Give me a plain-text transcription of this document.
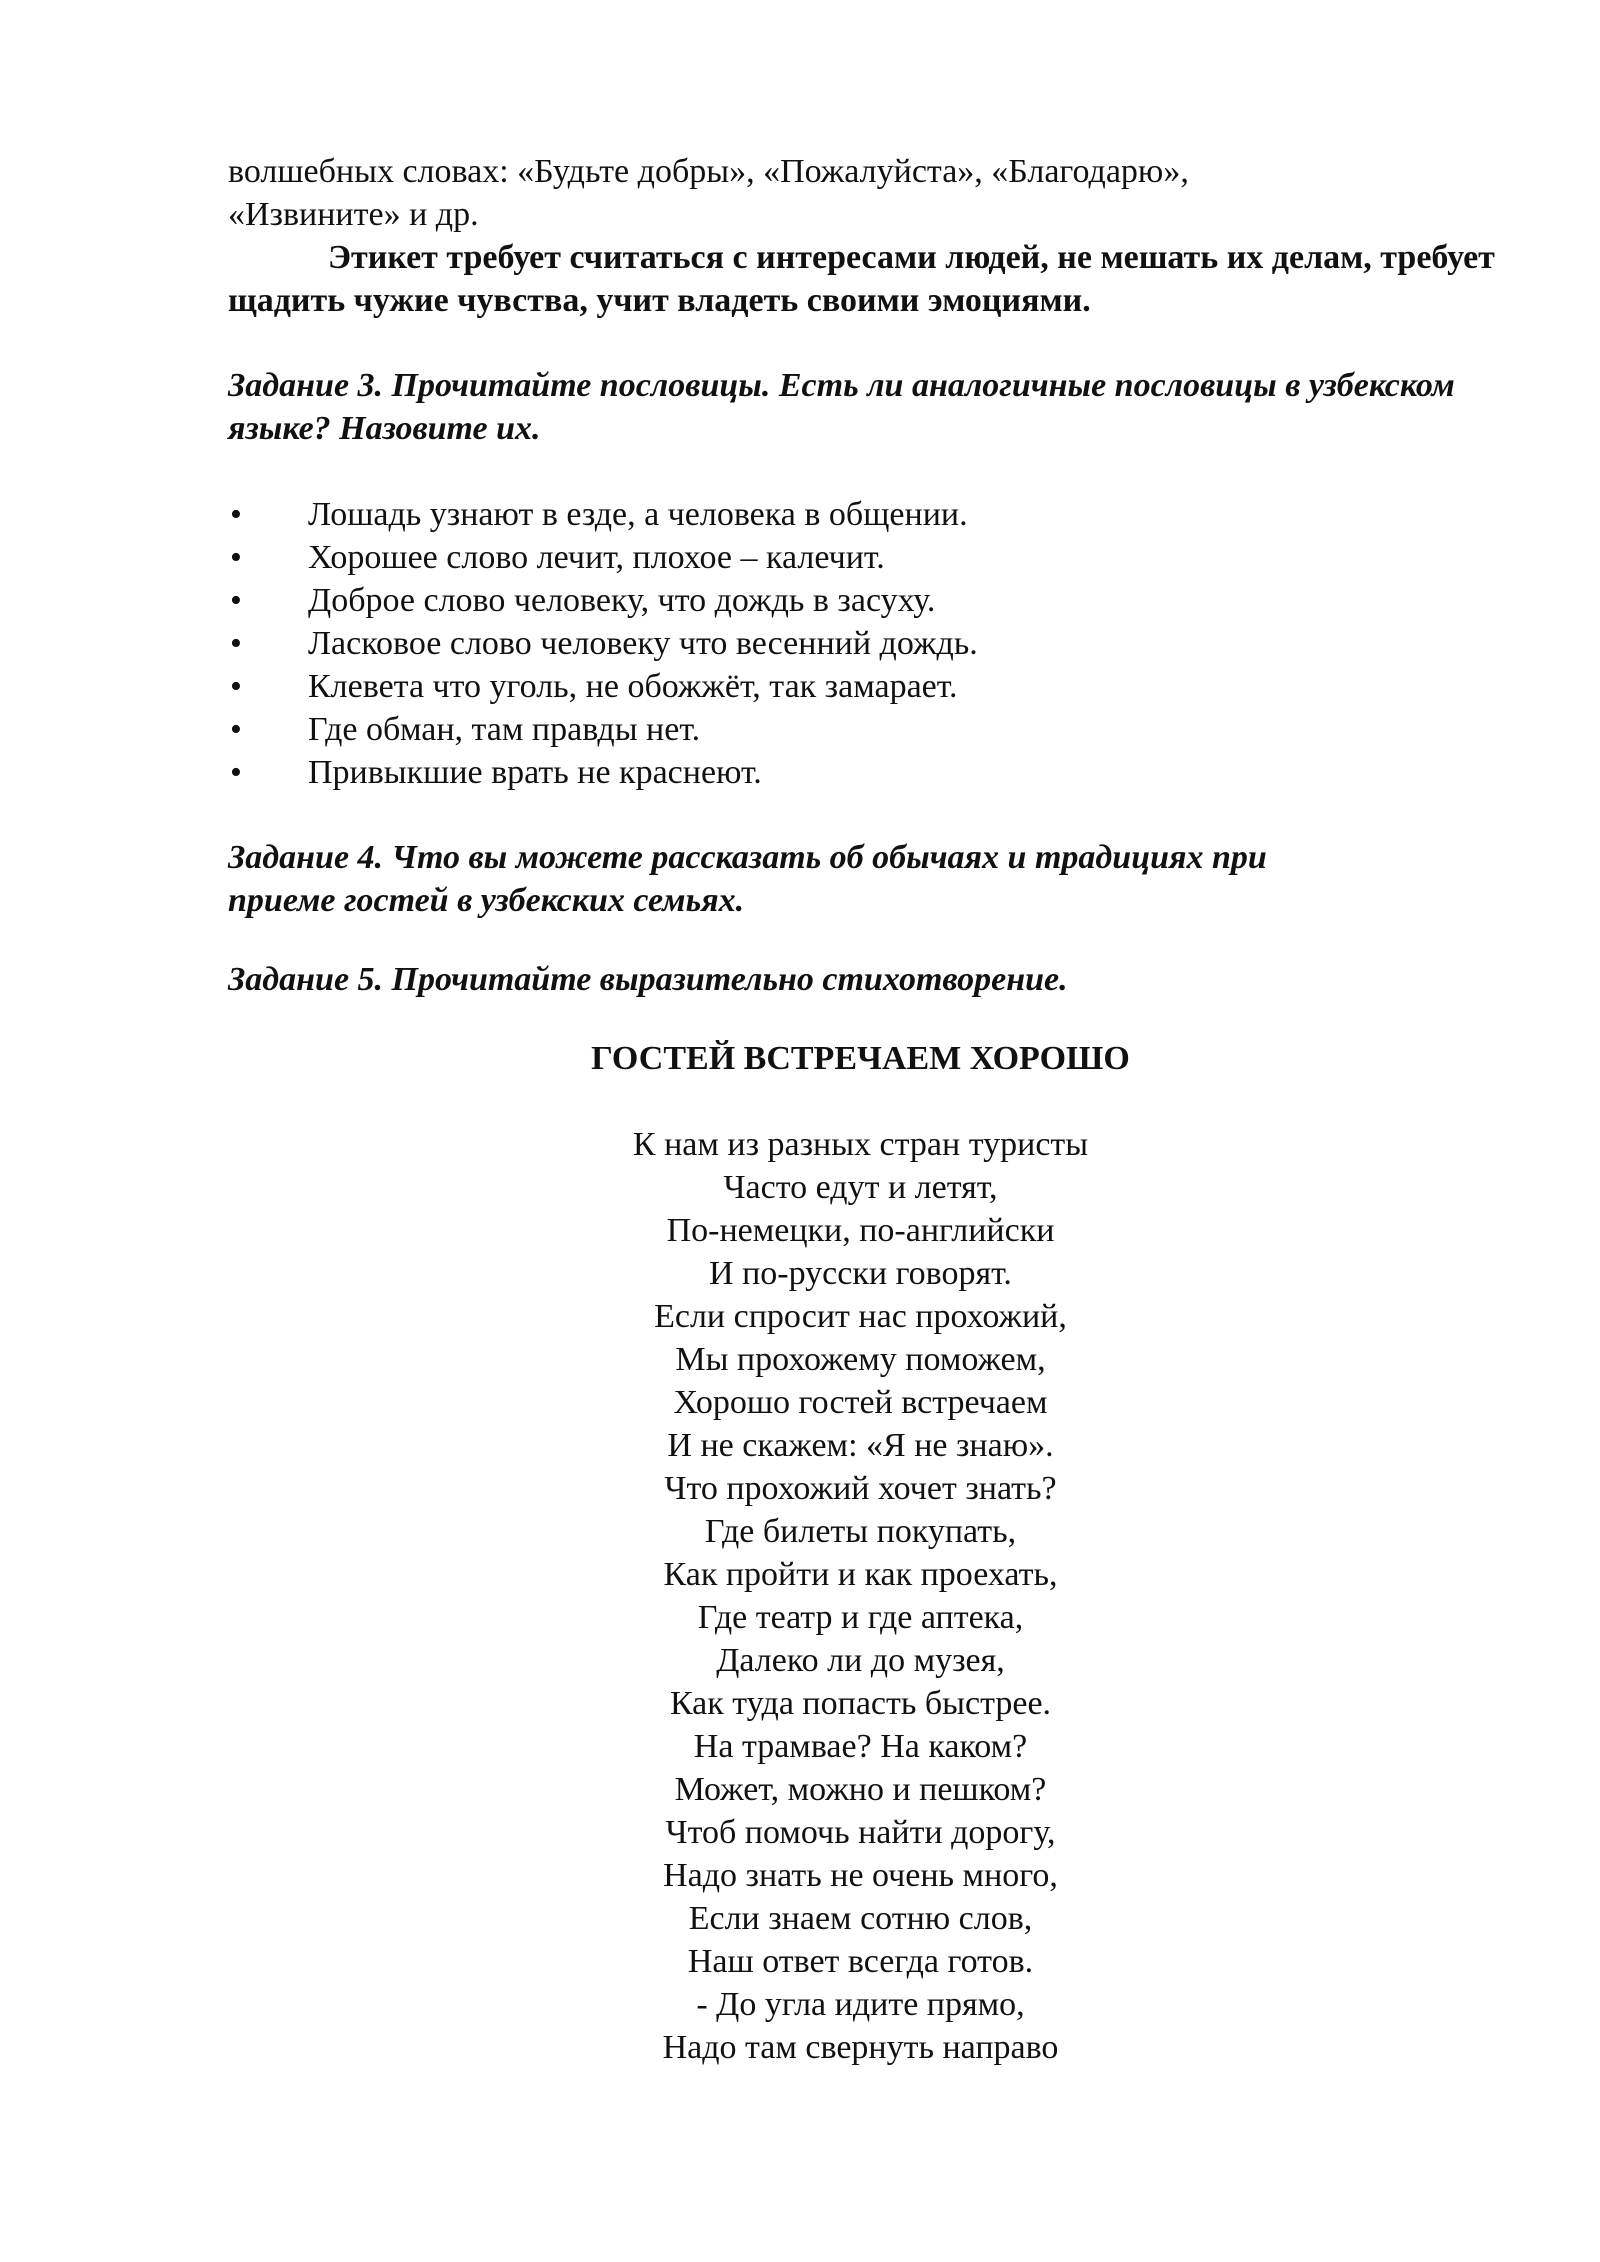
волшебных словах: «Будьте добры», «Пожалуйста», «Благодарю»,

«Извините» и др.

Этикет требует считаться с интересами людей, не мешать их делам, требует щадить чужие чувства, учит владеть своими эмоциями.

Задание 3. Прочитайте пословицы. Есть ли аналогичные пословицы в узбекском языке? Назовите их.

• Лошадь узнают в езде, а человека в общении.
• Хорошее слово лечит, плохое – калечит.
• Доброе слово человеку, что дождь в засуху.
• Ласковое слово человеку что весенний дождь.
• Клевета что уголь, не обожжёт, так замарает.
• Где обман, там правды нет.
• Привыкшие врать не краснеют.

Задание 4. Что вы можете рассказать об обычаях и традициях при приеме гостей в узбекских семьях.

Задание 5. Прочитайте выразительно стихотворение.

ГОСТЕЙ ВСТРЕЧАЕМ ХОРОШО

К нам из разных стран туристы
Часто едут и летят,
По-немецки, по-английски
И по-русски говорят.
Если спросит нас прохожий,
Мы прохожему поможем,
Хорошо гостей встречаем
И не скажем: «Я не знаю».
Что прохожий хочет знать?
Где билеты покупать,
Как пройти и как проехать,
Где театр и где аптека,
Далеко ли до музея,
Как туда попасть быстрее.
На трамвае? На каком?
Может, можно и пешком?
Чтоб помочь найти дорогу,
Надо знать не очень много,
Если знаем сотню слов,
Наш ответ всегда готов.
- До угла идите прямо,
Надо там свернуть направо
